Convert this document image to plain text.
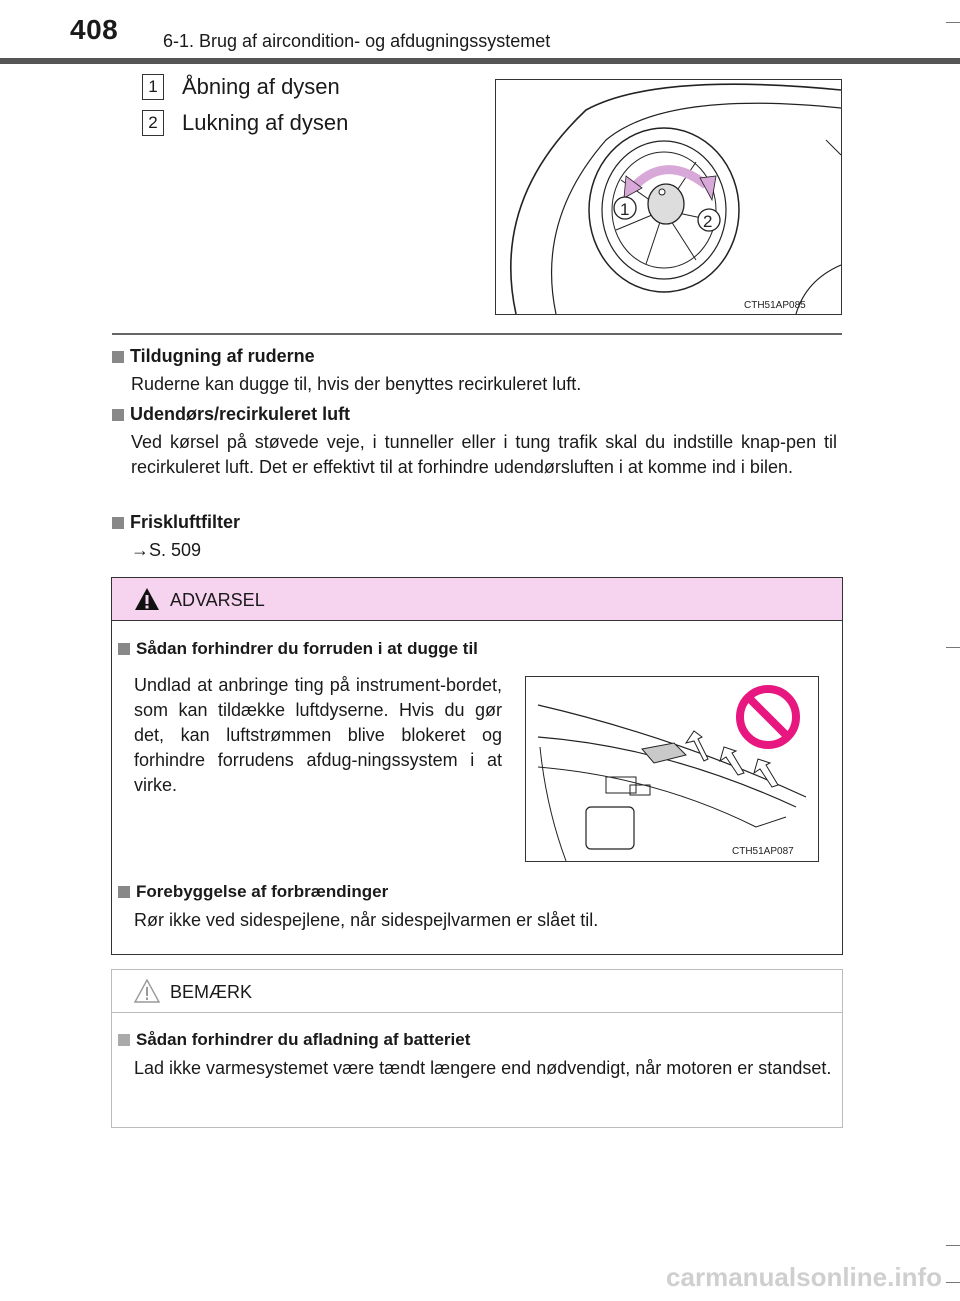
408 6-1. Brug af aircondition- og afdugningssystemet
1 Åbning af dysen
2 Lukning af dysen
1
2
CTH51AP085
Tildugning af ruderne
Ruderne kan dugge til, hvis der benyttes recirkuleret luft.
Udendørs/recirkuleret luft
Ved kørsel på støvede veje, i tunneller eller i tung trafik skal du indstille knap-pen til recirkuleret luft. Det er effektivt til at forhindre udendørsluften i at komme ind i bilen.
Friskluftfilter
→S. 509
ADVARSEL
Sådan forhindrer du forruden i at dugge til
Undlad at anbringe ting på instrument-bordet, som kan tildække luftdyserne. Hvis du gør det, kan luftstrømmen blive blokeret og forhindre forrudens afdug-ningssystem i at virke.
CTH51AP087
Forebyggelse af forbrændinger
Rør ikke ved sidespejlene, når sidespejlvarmen er slået til.
BEMÆRK
Sådan forhindrer du afladning af batteriet
Lad ikke varmesystemet være tændt længere end nødvendigt, når motoren er standset.
carmanualsonline.info
